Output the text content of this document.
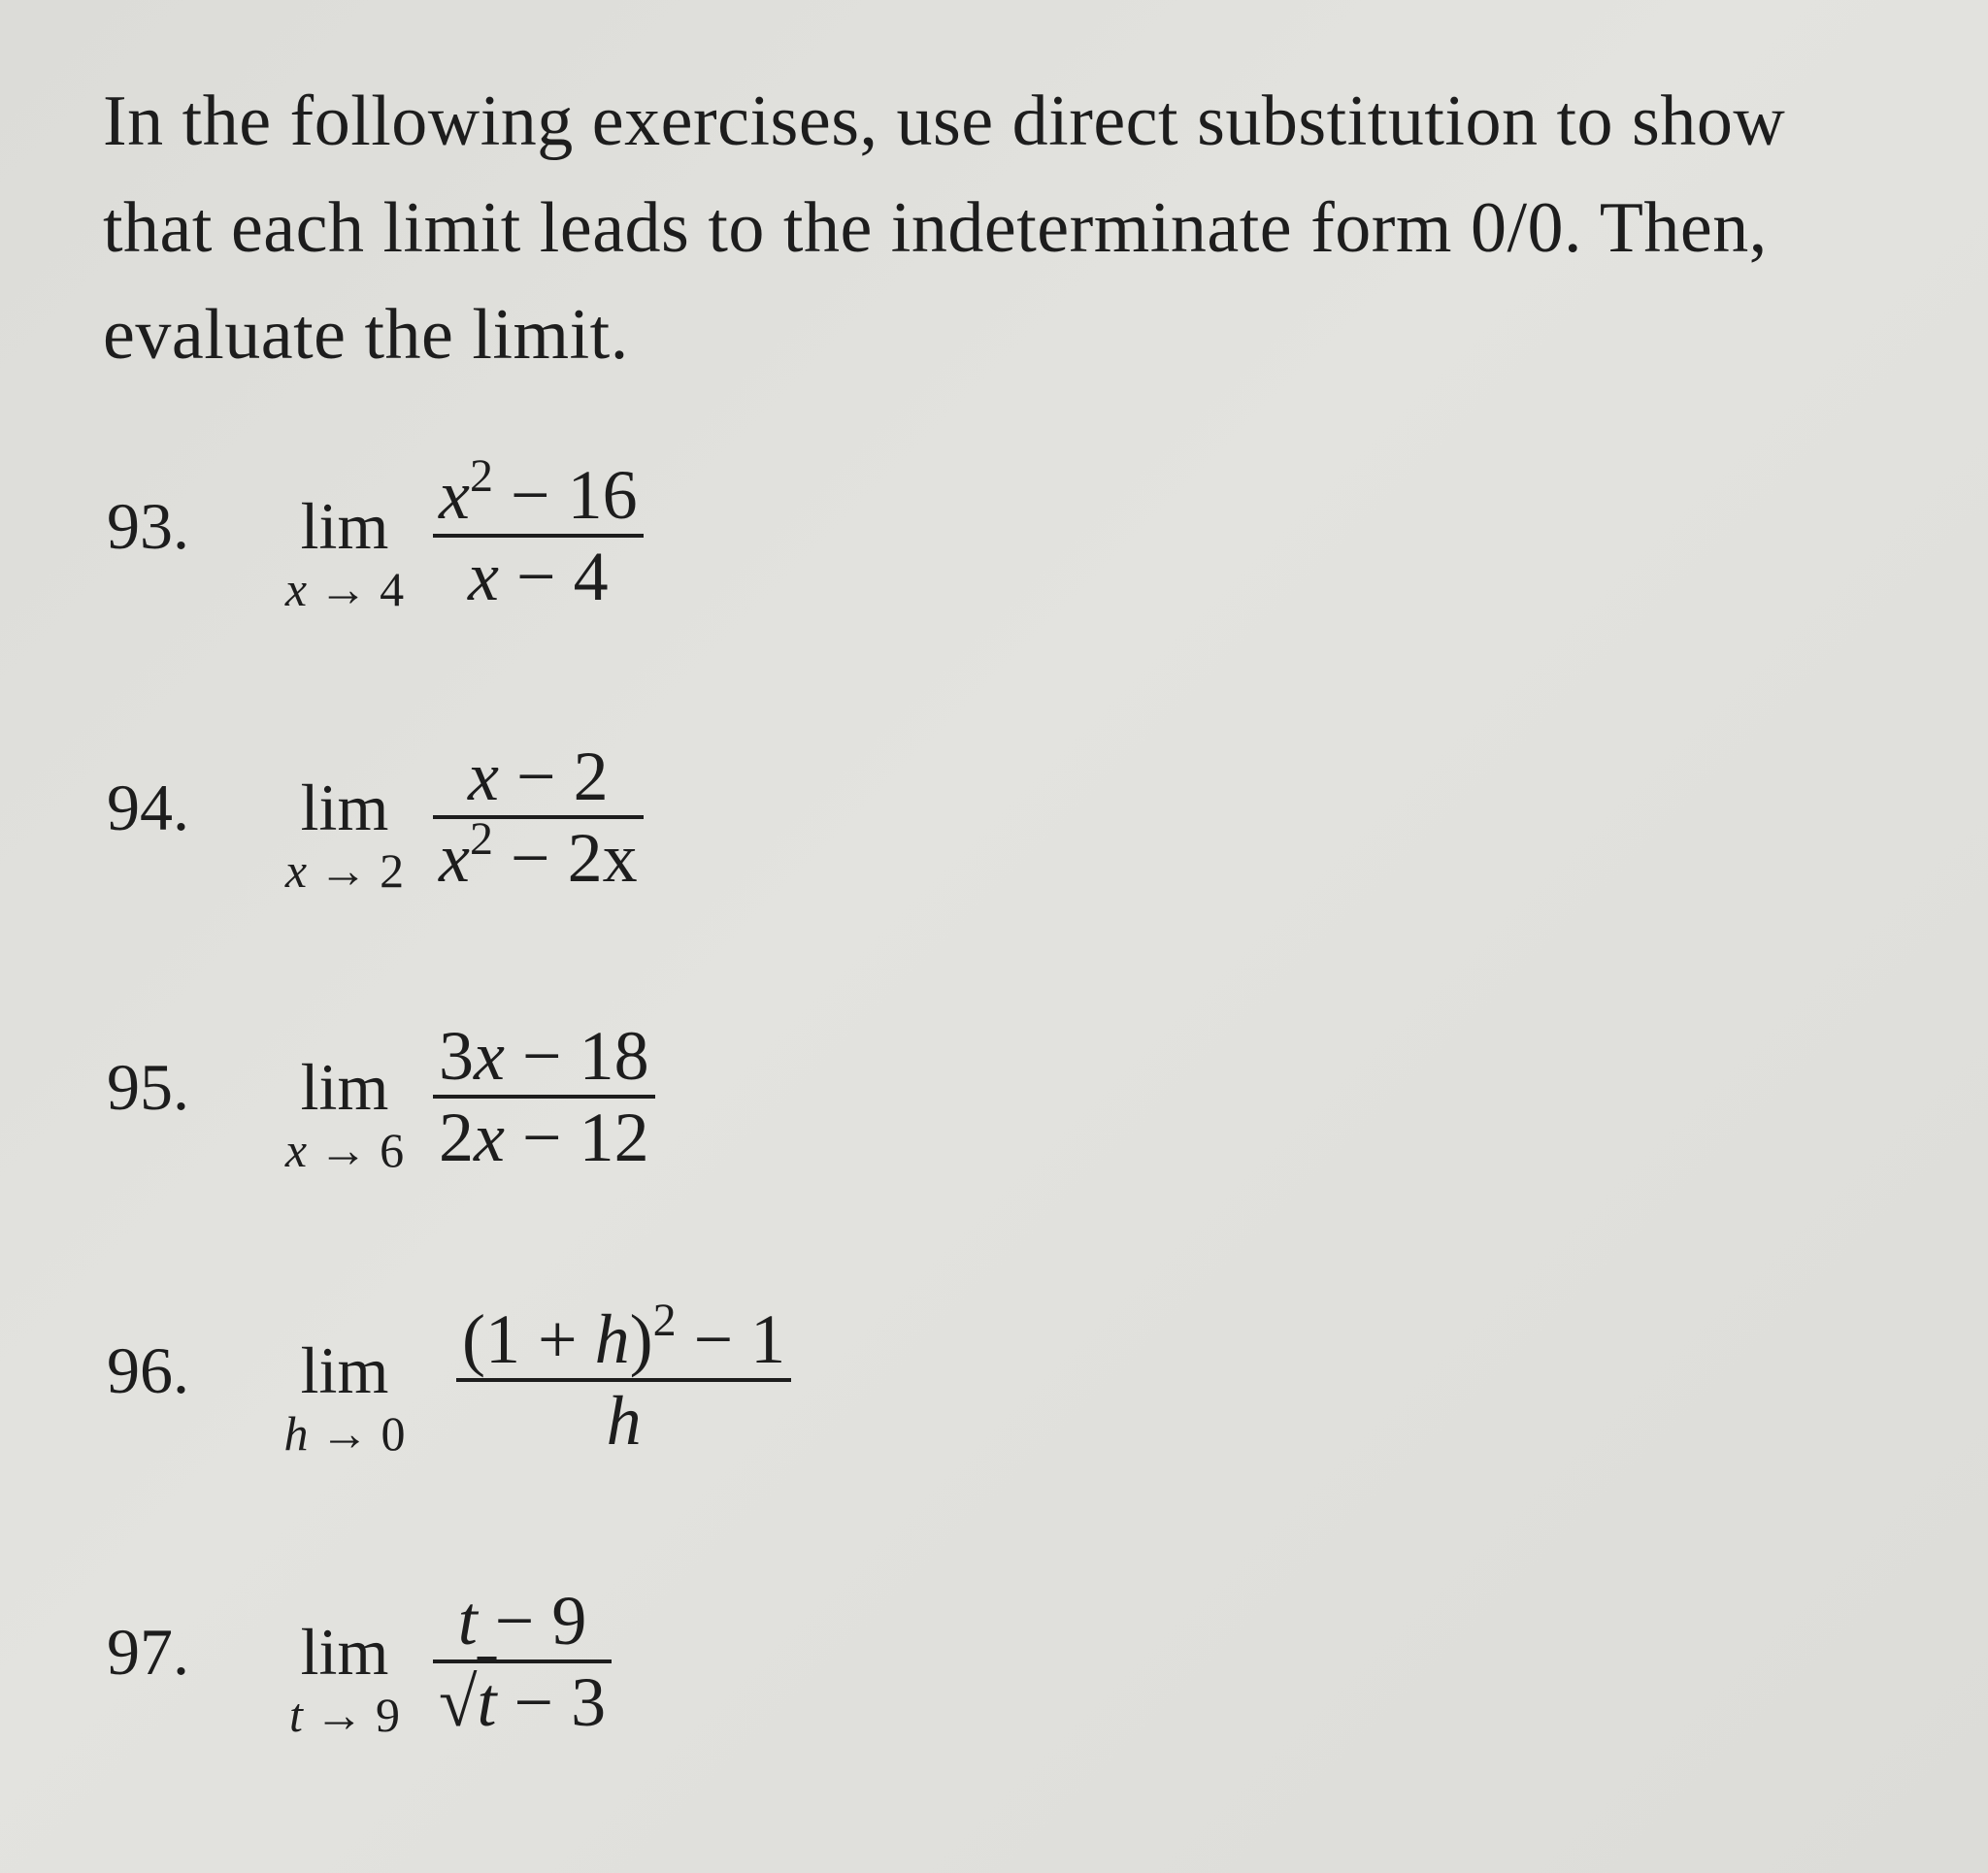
In the following exercises, use direct substitution to show
that each limit leads to the indeterminate form 0/0. Then,
evaluate the limit.
93.	lim
$x \to 4 \frac{x^2 - 16}{x - 4}$
94.	lim
$x \to 2 \frac{x - 2}{x^2 - 2x}$
95.	lim
$x \to 6 \frac{3x - 18}{2x - 12}$
96.	lim
$h \to 0 \frac{(1 + h)^2 - 1}{h}$
97.	lim
$t \to 9 \frac{t - 9}{√t - 3}$
